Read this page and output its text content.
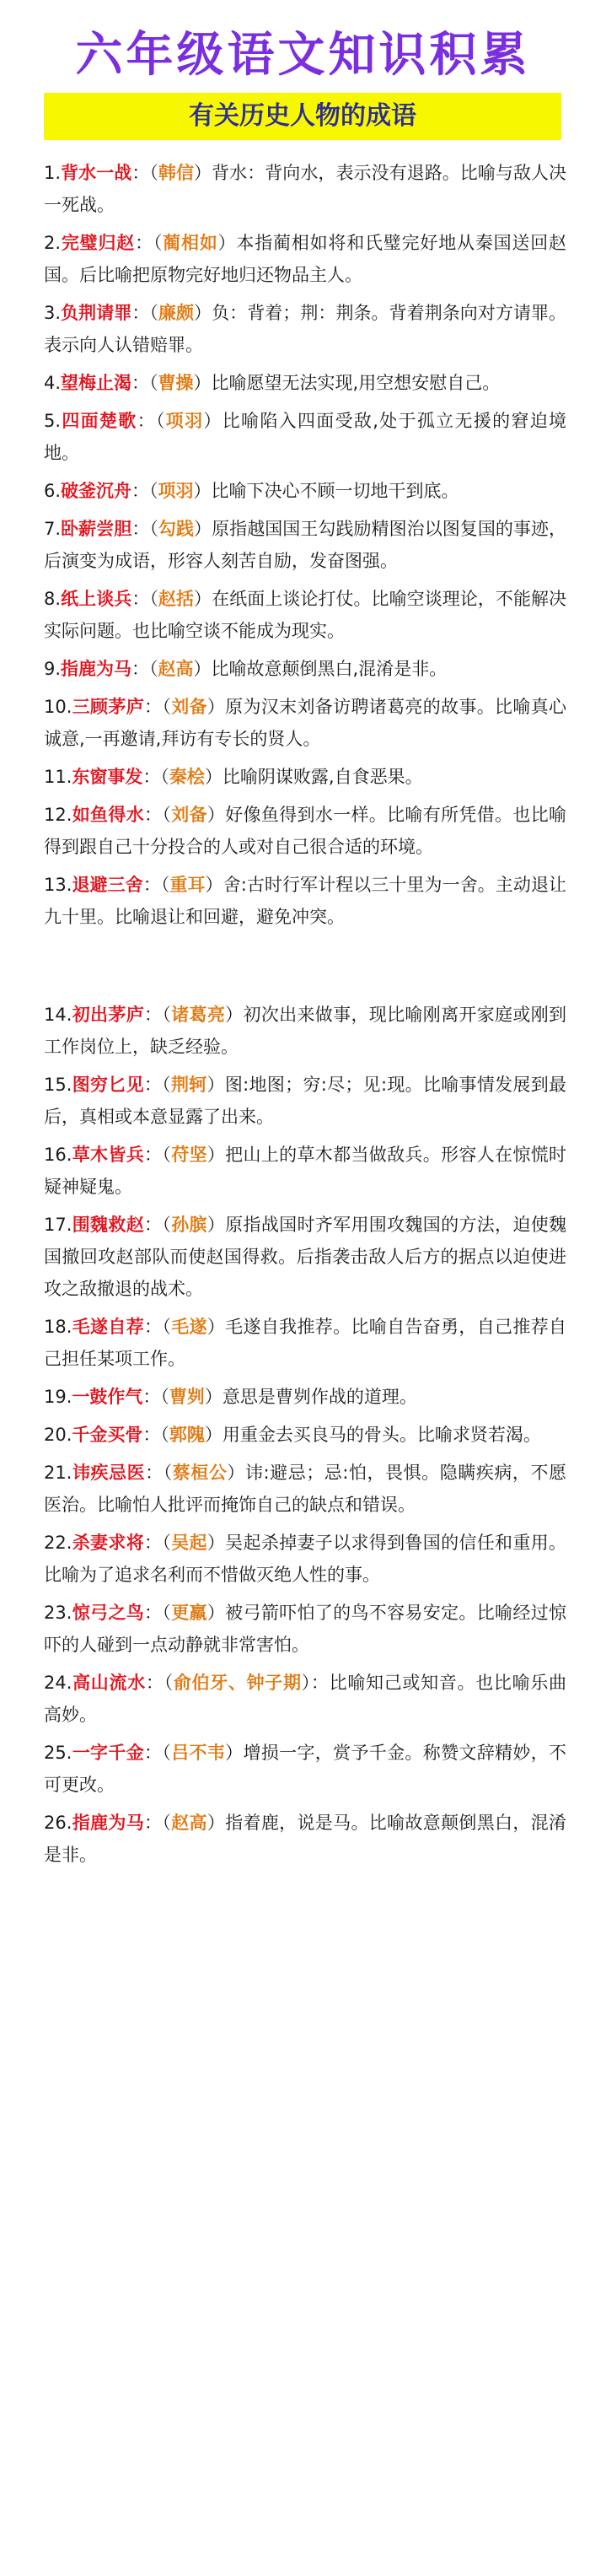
六年级语文知识积累
有关历史人物的成语

1.背水一战：（韩信）背水：背向水，表示没有退路。比喻与敌人决一死战。

2.完璧归赵：（蔺相如）本指蔺相如将和氏璧完好地从秦国送回赵国。后比喻把原物完好地归还物品主人。

3.负荆请罪：（廉颇）负：背着；荆：荆条。背着荆条向对方请罪。表示向人认错赔罪。

4.望梅止渴：（曹操）比喻愿望无法实现,用空想安慰自己。

5.四面楚歌：（项羽）比喻陷入四面受敌,处于孤立无援的窘迫境地。

6.破釜沉舟：（项羽）比喻下决心不顾一切地干到底。

7.卧薪尝胆：（勾践）原指越国国王勾践励精图治以图复国的事迹，后演变为成语，形容人刻苦自励，发奋图强。

8.纸上谈兵：（赵括）在纸面上谈论打仗。比喻空谈理论，不能解决实际问题。也比喻空谈不能成为现实。

9.指鹿为马：（赵高）比喻故意颠倒黑白,混淆是非。

10.三顾茅庐：（刘备）原为汉末刘备访聘诸葛亮的故事。比喻真心诚意,一再邀请,拜访有专长的贤人。

11.东窗事发：（秦桧）比喻阴谋败露,自食恶果。

12.如鱼得水：（刘备）好像鱼得到水一样。比喻有所凭借。也比喻得到跟自己十分投合的人或对自己很合适的环境。

13.退避三舍：（重耳）舍:古时行军计程以三十里为一舍。主动退让九十里。比喻退让和回避，避免冲突。

14.初出茅庐：（诸葛亮）初次出来做事，现比喻刚离开家庭或刚到工作岗位上，缺乏经验。

15.图穷匕见：（荆轲）图:地图；穷:尽；见:现。比喻事情发展到最后，真相或本意显露了出来。

16.草木皆兵：（苻坚）把山上的草木都当做敌兵。形容人在惊慌时疑神疑鬼。

17.围魏救赵：（孙膑）原指战国时齐军用围攻魏国的方法，迫使魏国撤回攻赵部队而使赵国得救。后指袭击敌人后方的据点以迫使进攻之敌撤退的战术。

18.毛遂自荐：（毛遂）毛遂自我推荐。比喻自告奋勇，自己推荐自己担任某项工作。

19.一鼓作气：（曹刿）意思是曹刿作战的道理。

20.千金买骨：（郭隗）用重金去买良马的骨头。比喻求贤若渴。

21.讳疾忌医：（蔡桓公）讳:避忌；忌:怕，畏惧。隐瞒疾病，不愿医治。比喻怕人批评而掩饰自己的缺点和错误。

22.杀妻求将：（吴起）吴起杀掉妻子以求得到鲁国的信任和重用。比喻为了追求名利而不惜做灭绝人性的事。

23.惊弓之鸟：（更羸）被弓箭吓怕了的鸟不容易安定。比喻经过惊吓的人碰到一点动静就非常害怕。

24.高山流水：（俞伯牙、钟子期）：比喻知己或知音。也比喻乐曲高妙。

25.一字千金：（吕不韦）增损一字，赏予千金。称赞文辞精妙，不可更改。

26.指鹿为马：（赵高）指着鹿，说是马。比喻故意颠倒黑白，混淆是非。
